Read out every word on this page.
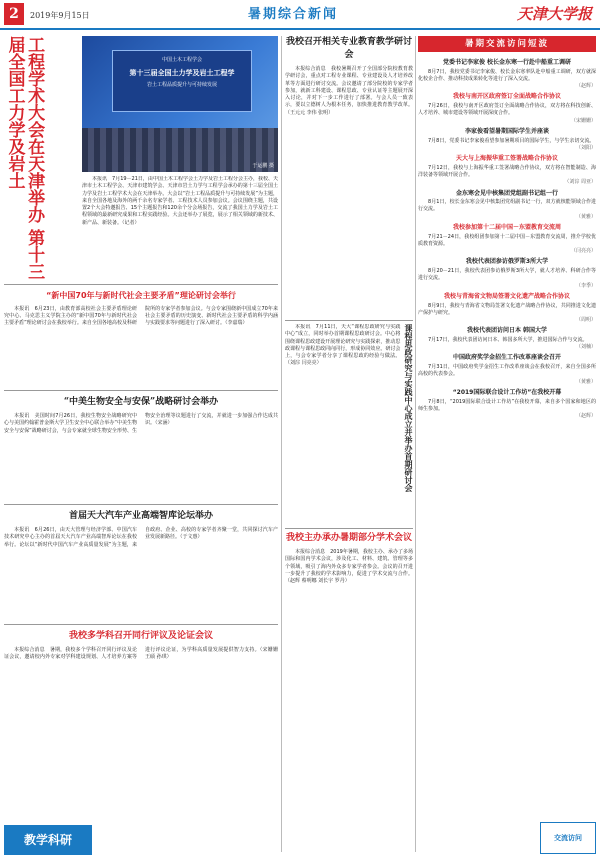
2	2019年9月15日	暑期综合新闻	天津大学报
工程学术大会在天津举办 第十三届全国工力学及岩土	中国土木工程学会
第十三届全国土力学及岩土工程学
岩土工程品质提升与可持续发展
于运鹏 摄

本报讯　7月19－21日，由中国土木工程学会土力学及岩土工程分会主办，我校、天津市土木工程学会、天津市建筑学会、天津市岩土力学与工程学会承办的第十三届全国土力学及岩土工程学术大会在天津举办。大会以“岩土工程品质提升与可持续发展”为主题，来自全国各地及海外的两千余名专家学者、工程技术人员参加会议。会议围绕主题，共设置2个大会特邀报告、15个主题报告和120余个分会场报告，交流了我国土力学及岩土工程领域的最新研究成果和工程实践经验。大会还举办了展览，展示了相关领域的新技术、新产品、新装备。（记者）

“新中国70年与新时代社会主要矛盾”理论研讨会举行

本报讯　6月23日，由教育部高校社会主要矛盾理论研究中心、马克思主义学院主办的“新中国70年与新时代社会主要矛盾”理论研讨会在我校举行。来自全国各地高校及科研院所的专家学者参加会议。与会专家围绕新中国成立70年来社会主要矛盾的历史演变、新时代社会主要矛盾的科学内涵与实践要求等问题进行了深入研讨。（李嘉瑞）

“中美生物安全与安保”战略研讨会举办

本报讯　美国时间7月26日，我校生物安全战略研究中心与美国约翰霍普金斯大学卫生安全中心联合举办“中美生物安全与安保”战略研讨会，与会专家就全球生物安全形势、生物安全治理等议题进行了交流，并就进一步加强合作达成共识。（宋涵）

首届天大汽车产业高端智库论坛举办

本报讯　6月26日，由天大管理与经济学部、中国汽车技术研究中心主办的首届天大汽车产业高端智库论坛在我校举行。论坛以“新时代中国汽车产业高质量发展”为主题，来自政府、企业、高校的专家学者齐聚一堂，共同探讨汽车产业发展新路径。（于文惠）

我校多学科召开同行评议及论证会议

本报综合消息　暑期，我校多个学科召开同行评议及论证会议，邀请校内外专家对学科建设规划、人才培养方案等进行评议论证，为学科高质量发展提供智力支持。（宋姗姗 王硕 孙琪）

我校召开相关专业教育教学研讨会

本报综合消息　我校暑期召开了全国部分院校教育教学研讨会，重点对工程专业课程、专业建设及人才培养改革等方面进行研讨交流。会议邀请了部分院校的专家学者参加，就新工科建设、课程思政、专业认证等主题展开深入讨论，并对下一步工作进行了部署。与会人员一致表示，要以立德树人为根本任务，加快推进教育教学改革。（王元元 李伟 张明）

课程思政研究与实践中心成立并举办首期研讨会

本报讯　7月11日，天大“课程思政研究与实践中心”成立，同时举办首期课程思政研讨会。中心将围绕课程思政建设开展理论研究与实践探索，推动思政课程与课程思政同向同行，形成协同效应。研讨会上，与会专家学者分享了课程思政的经验与做法。（刘淙 闫亮亮）

我校主办承办暑期部分学术会议

本报综合消息　2019年暑期，我校主办、承办了多场国际和国内学术会议，涉及化工、材料、建筑、管理等多个领域，吸引了海内外众多专家学者参会。会议的召开进一步提升了我校的学术影响力，促进了学术交流与合作。（赵辉 蔡明娜 刘长宇 罗丹）

暑期交流访问短波
党委书记李家俊 校长金东寒一行赴中船重工调研

8月7日，我校党委书记李家俊、校长金东寒率队赴中船重工调研，双方就深化校企合作、推动科技成果转化等进行了深入交流。

（赵辉）
我校与南开区政府签订全面战略合作协议

7月26日，我校与南开区政府签订全面战略合作协议，双方将在科技创新、人才培养、城市建设等领域开展深度合作。

（宋姗姗）
李家俊看望暑期国际学生并座谈

7月8日，党委书记李家俊看望参加暑期项目的国际学生，与学生亲切交流。

（刘阳）
天大与上海振华重工签署战略合作协议

7月12日，我校与上海振华重工签署战略合作协议，双方将在智能制造、海洋装备等领域开展合作。

（刘淙 周亚）
金东寒会见中核集团党组副书记组一行

8月1日，校长金东寒会见中核集团党组副书记一行，双方就核能领域合作进行交流。

（黄雅）
我校参加第十二届中国－东盟教育交流周

7月21－24日，我校组团参加第十二届中国－东盟教育交流周，推介学校优质教育资源。

（闫亮亮）
我校代表团参访俄罗斯3所大学

8月20－21日，我校代表团参访俄罗斯3所大学，就人才培养、科研合作等进行交流。

（李季）
我校与青海省文物局签署文化遗产战略合作协议

8月9日，我校与青海省文物局签署文化遗产战略合作协议，共同推进文化遗产保护与研究。

（周明）
我校代表团访问日本 韩国大学

7月17日，我校代表团访问日本、韩国多所大学，推进国际合作与交流。

（刘楠）
中国政府奖学金招生工作改革座谈会召开

7月31日，中国政府奖学金招生工作改革座谈会在我校召开，来自全国多所高校的代表参会。

（黄雅）
“2019国际联合设计工作坊”在我校开幕

7月8日，“2019国际联合设计工作坊”在我校开幕，来自多个国家和地区的师生参加。

（赵辉）
教学科研	交流访问
